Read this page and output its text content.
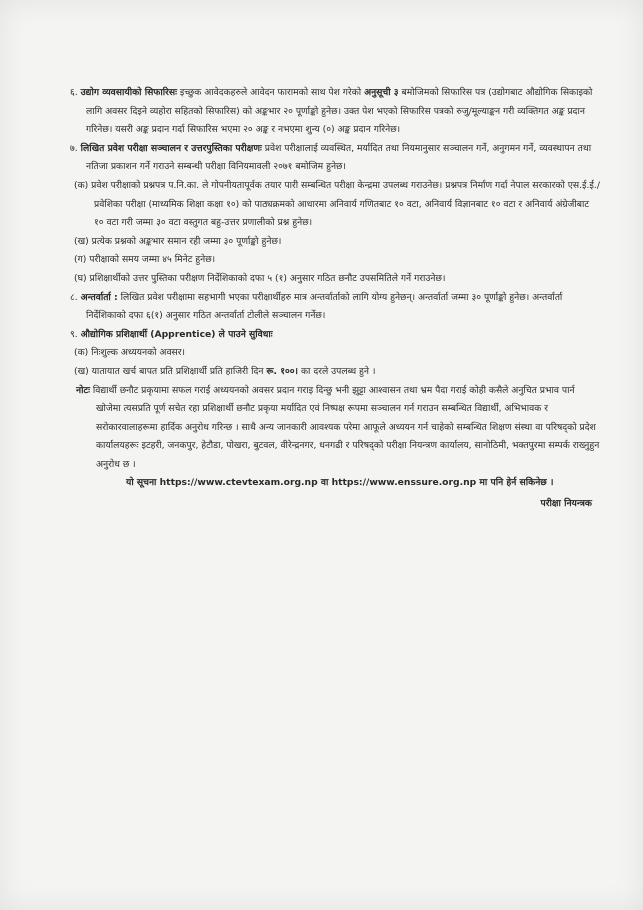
६. उद्योग व्यवसायीको सिफारिसः इच्छुक आवेदकहरुले आवेदन फारामको साथ पेश गरेको अनुसूची ३ बमोजिमको सिफारिस पत्र (उद्योगबाट औद्योगिक सिकाइको लागि अवसर दिइने व्यहोरा सहितको सिफारिस) को अङ्कभार २० पूर्णाङ्को हुनेछ। उक्त पेश भएको सिफारिस पत्रको रुजु/मूल्याङ्कन गरी व्यक्तिगत अङ्क प्रदान गरिनेछ। यसरी अङ्क प्रदान गर्दा सिफारिस भएमा २० अङ्क र नभएमा शुन्य (०) अङ्क प्रदान गरिनेछ।
७. लिखित प्रवेश परीक्षा सञ्चालन र उत्तरपुस्तिका परीक्षणः प्रवेश परीक्षालाई व्यवस्थित, मर्यादित तथा नियमानुसार सञ्चालन गर्ने, अनुगमन गर्ने, व्यवस्थापन तथा नतिजा प्रकाशन गर्ने गराउने सम्बन्धी परीक्षा विनियमावली २०७१ बमोजिम हुनेछ।
(क) प्रवेश परीक्षाको प्रश्नपत्र प.नि.का. ले गोपनीयतापूर्वक तयार पारी सम्बन्धित परीक्षा केन्द्रमा उपलब्ध गराउनेछ। प्रश्नपत्र निर्माण गर्दा नेपाल सरकारको एस.ई.ई./प्रवेशिका परीक्षा (माध्यमिक शिक्षा कक्षा १०) को पाठ्यक्रमको आधारमा अनिवार्य गणितबाट १० वटा, अनिवार्य विज्ञानबाट १० वटा र अनिवार्य अंग्रेजीबाट १० वटा गरी जम्मा ३० वटा वस्तुगत बहु-उत्तर प्रणालीको प्रश्न हुनेछ।
(ख) प्रत्येक प्रश्नको अङ्कभार समान रही जम्मा ३० पूर्णाङ्को हुनेछ।
(ग) परीक्षाको समय जम्मा ४५ मिनेट हुनेछ।
(घ) प्रशिक्षार्थीको उत्तर पुस्तिका परीक्षण निर्देशिकाको दफा ५ (१) अनुसार गठित छनौट उपसमितिले गर्ने गराउनेछ।
८. अन्तर्वार्ता : लिखित प्रवेश परीक्षामा सहभागी भएका परीक्षार्थीहरु मात्र अन्तर्वार्ताको लागि योग्य हुनेछन्। अन्तर्वार्ता जम्मा ३० पूर्णाङ्को हुनेछ। अन्तर्वार्ता निर्देशिकाको दफा ६(१) अनुसार गठित अन्तर्वार्ता टोलीले सञ्चालन गर्नेछ।
९. औद्योगिक प्रशिक्षार्थी (Apprentice) ले पाउने सुविधाः
(क) निःशुल्क अध्ययनको अवसर।
(ख) यातायात खर्च बापत प्रति प्रशिक्षार्थी प्रति हाजिरी दिन रू. १००। का दरले उपलब्ध हुने ।
नोटः विद्यार्थी छनौट प्रकृयामा सफल गराई अध्ययनको अवसर प्रदान गराइ दिन्छु भनी झुट्टा आश्वासन तथा भ्रम पैदा गराई कोही कसैले अनुचित प्रभाव पार्न खोजेमा त्यसप्रति पूर्ण सचेत रहा प्रशिक्षार्थी छनौट प्रकृया मर्यादित एवं निष्पक्ष रूपमा सञ्चालन गर्न गराउन सम्बन्धित विद्यार्थी, अभिभावक र सरोकारवालाहरूमा हार्दिक अनुरोध गरिन्छ । साथै अन्य जानकारी आवश्यक परेमा आफूले अध्ययन गर्न चाहेको सम्बन्धित शिक्षण संस्था वा परिषद्को प्रदेश कार्यालयहरूः इटहरी, जनकपुर, हेटौडा, पोखरा, बुटवल, वीरेन्द्रनगर, धनगढी र परिषद्को परीक्षा नियन्त्रण कार्यालय, सानोठिमी, भक्तपुरमा सम्पर्क राख्नुहुन अनुरोध छ ।
यो सूचना https://www.ctevtexam.org.np वा https://www.enssure.org.np मा पनि हेर्न सकिनेछ ।
परीक्षा नियन्त्रक
